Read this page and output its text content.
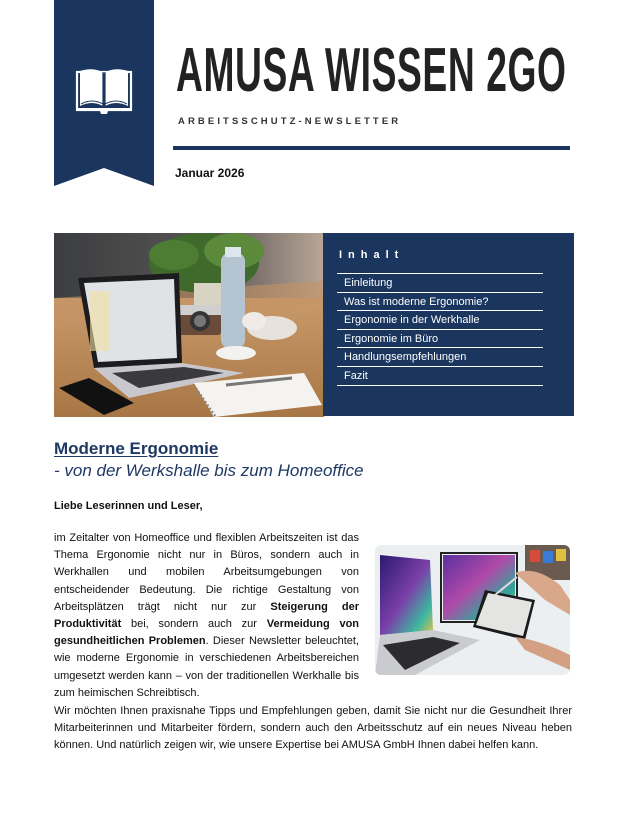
AMUSA WISSEN 2GO
ARBEITSSCHUTZ-NEWSLETTER
Januar 2026
Inhalt
Einleitung
Was ist moderne Ergonomie?
Ergonomie in der Werkhalle
Ergonomie im Büro
Handlungsempfehlungen
Fazit
Moderne Ergonomie
- von der Werkshalle bis zum Homeoffice
Liebe Leserinnen und Leser,
im Zeitalter von Homeoffice und flexiblen Arbeitszeiten ist das Thema Ergonomie nicht nur in Büros, sondern auch in Werkhallen und mobilen Arbeitsumgebungen von entscheidender Bedeutung. Die richtige Gestaltung von Arbeitsplätzen trägt nicht nur zur Steigerung der Produktivität bei, sondern auch zur Vermeidung von gesundheitlichen Problemen. Dieser Newsletter beleuchtet, wie moderne Ergonomie in verschiedenen Arbeitsbereichen umgesetzt werden kann – von der traditionellen Werkhalle bis zum heimischen Schreibtisch.
Wir möchten Ihnen praxisnahe Tipps und Empfehlungen geben, damit Sie nicht nur die Gesundheit Ihrer Mitarbeiterinnen und Mitarbeiter fördern, sondern auch den Arbeitsschutz auf ein neues Niveau heben können. Und natürlich zeigen wir, wie unsere Expertise bei AMUSA GmbH Ihnen dabei helfen kann.
